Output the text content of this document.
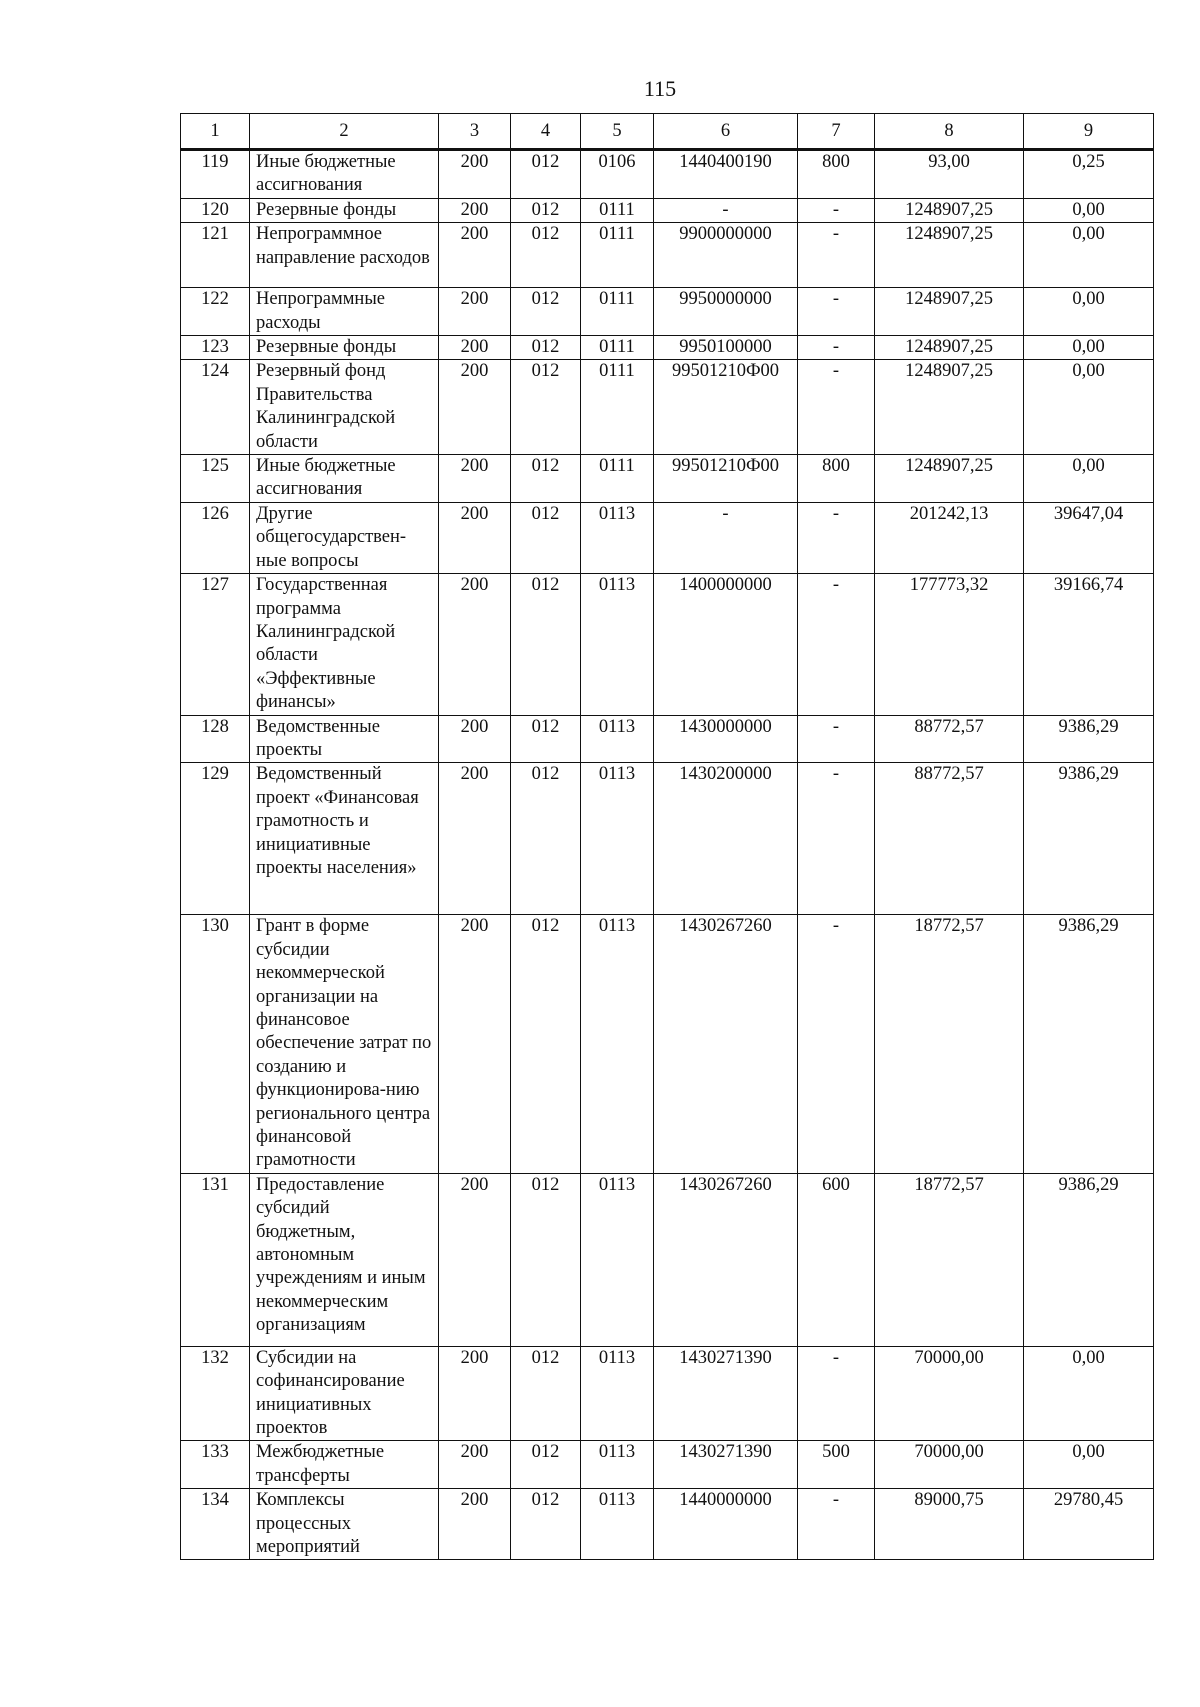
115
1	2	3	4	5	6	7	8	9
119	Иные бюджетные ассигнования	200	012	0106	1440400190	800	93,00	0,25
120	Резервные фонды	200	012	0111	-	-	1248907,25	0,00
121	Непрограммное направление расходов	200	012	0111	9900000000	-	1248907,25	0,00
122	Непрограммные расходы	200	012	0111	9950000000	-	1248907,25	0,00
123	Резервные фонды	200	012	0111	9950100000	-	1248907,25	0,00
124	Резервный фонд Правительства Калининградской области	200	012	0111	99501210Ф00	-	1248907,25	0,00
125	Иные бюджетные ассигнования	200	012	0111	99501210Ф00	800	1248907,25	0,00
126	Другие общегосударствен-ные вопросы	200	012	0113	-	-	201242,13	39647,04
127	Государственная программа Калининградской области «Эффективные финансы»	200	012	0113	1400000000	-	177773,32	39166,74
128	Ведомственные проекты	200	012	0113	1430000000	-	88772,57	9386,29
129	Ведомственный проект «Финансовая грамотность и инициативные проекты населения»	200	012	0113	1430200000	-	88772,57	9386,29
130	Грант в форме субсидии некоммерческой организации на финансовое обеспечение затрат по созданию и функционирова-нию регионального центра финансовой грамотности	200	012	0113	1430267260	-	18772,57	9386,29
131	Предоставление субсидий бюджетным, автономным учреждениям и иным некоммерческим организациям	200	012	0113	1430267260	600	18772,57	9386,29
132	Субсидии на софинансирование инициативных проектов	200	012	0113	1430271390	-	70000,00	0,00
133	Межбюджетные трансферты	200	012	0113	1430271390	500	70000,00	0,00
134	Комплексы процессных мероприятий	200	012	0113	1440000000	-	89000,75	29780,45
